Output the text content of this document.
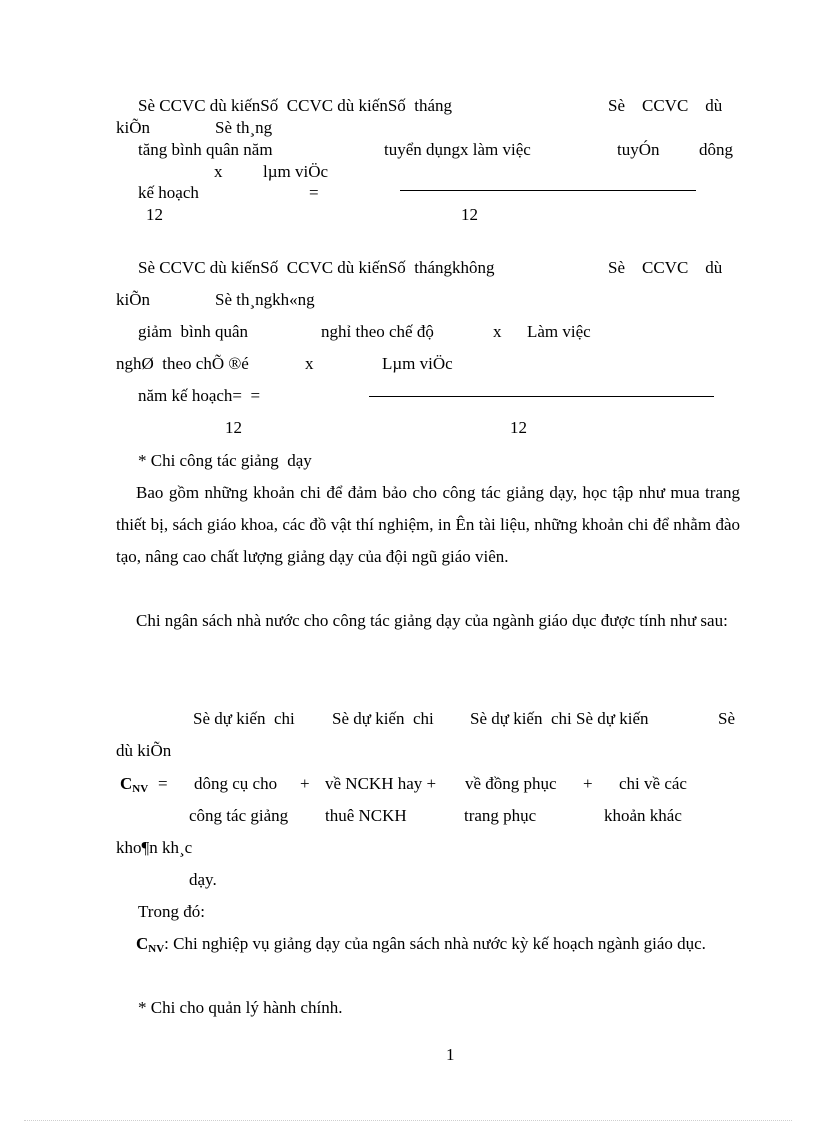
Sè CCVC dù kiếnSố  CCVC dù kiếnSố  tháng	Sè    CCVC    dù
kiÕn	Sè th¸ng
tăng bình quân năm	tuyển dụngx làm việc	tuyÓn dông
x lµm viÖc
kế hoạch	=
12	12
Sè CCVC dù kiếnSố  CCVC dù kiếnSố  thángkhông	Sè    CCVC    dù
kiÕn	Sè th¸ngkh«ng
giảm  bình quân	nghỉ theo chế độ	x Làm việc
nghØ  theo chÕ ®é	x	Lµm viÖc
năm kế hoạch=  =
12	12
* Chi công tác giảng  dạy
Bao gồm những khoản chi để đảm bảo cho công tác giảng dạy, học tập như mua trang thiết bị, sách giáo khoa, các đồ vật thí nghiệm, in Ên tài liệu, những khoản chi để nhằm đào tạo, nâng cao chất lượng giảng dạy của đội ngũ giáo viên.
Chi ngân sách nhà nước cho công tác giảng dạy của ngành giáo dục được tính như sau:
Sè dự kiến  chi Sè dự kiến  chi Sè dự kiến  chi Sè dự kiến	Sè
dù kiÕn
$C_{NV}$ = dông cụ cho + về NCKH hay + về đồng phục + chi về các
công tác giảng thuê NCKH	trang phục	khoản khác
kho¶n kh¸c
dạy.
Trong đó:
$C_{NV}$: Chi nghiệp vụ giảng dạy của ngân sách nhà nước kỳ kế hoạch ngành giáo dục.
* Chi cho quản lý hành chính.
1
